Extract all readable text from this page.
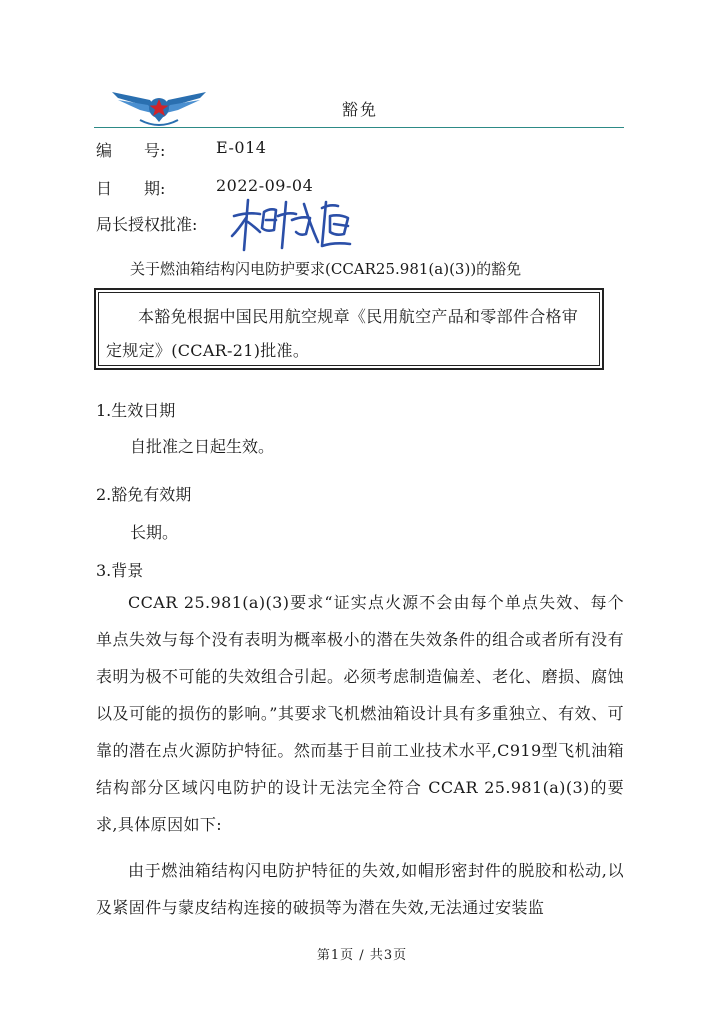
豁免
编　　号:	E-014
日　　期:	2022-09-04
局长授权批准:
关于燃油箱结构闪电防护要求(CCAR25.981(a)(3))的豁免
本豁免根据中国民用航空规章《民用航空产品和零部件合格审定规定》(CCAR-21)批准。
1.生效日期
自批准之日起生效。
2.豁免有效期
长期。
3.背景

CCAR 25.981(a)(3)要求“证实点火源不会由每个单点失效、每个单点失效与每个没有表明为概率极小的潜在失效条件的组合或者所有没有表明为极不可能的失效组合引起。必须考虑制造偏差、老化、磨损、腐蚀以及可能的损伤的影响。”其要求飞机燃油箱设计具有多重独立、有效、可靠的潜在点火源防护特征。然而基于目前工业技术水平,C919型飞机油箱结构部分区域闪电防护的设计无法完全符合 CCAR 25.981(a)(3)的要求,具体原因如下:

由于燃油箱结构闪电防护特征的失效,如帽形密封件的脱胶和松动,以及紧固件与蒙皮结构连接的破损等为潜在失效,无法通过安装监

第1页 / 共3页
